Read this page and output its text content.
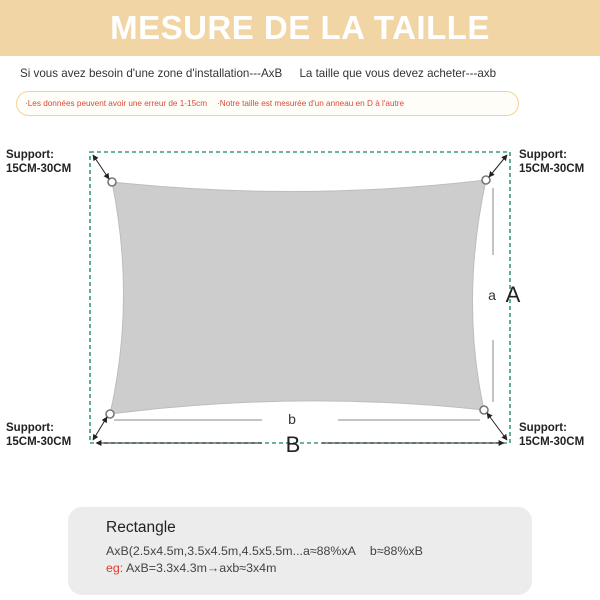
MESURE DE LA TAILLE
Si vous avez besoin d'une zone d'installation---AxB La taille que vous devez acheter---axb
·Les données peuvent avoir une erreur de 1-15cm ·Notre taille est mesurée d'un anneau en D à l'autre
b
B
a A
Support:
15CM-30CM
Support:
15CM-30CM
Support:
15CM-30CM
Support:
15CM-30CM
Rectangle
AxB(2.5x4.5m,3.5x4.5m,4.5x5.5m...a≈88%xA b≈88%xB
eg: AxB=3.3x4.3m→axb≈3x4m
